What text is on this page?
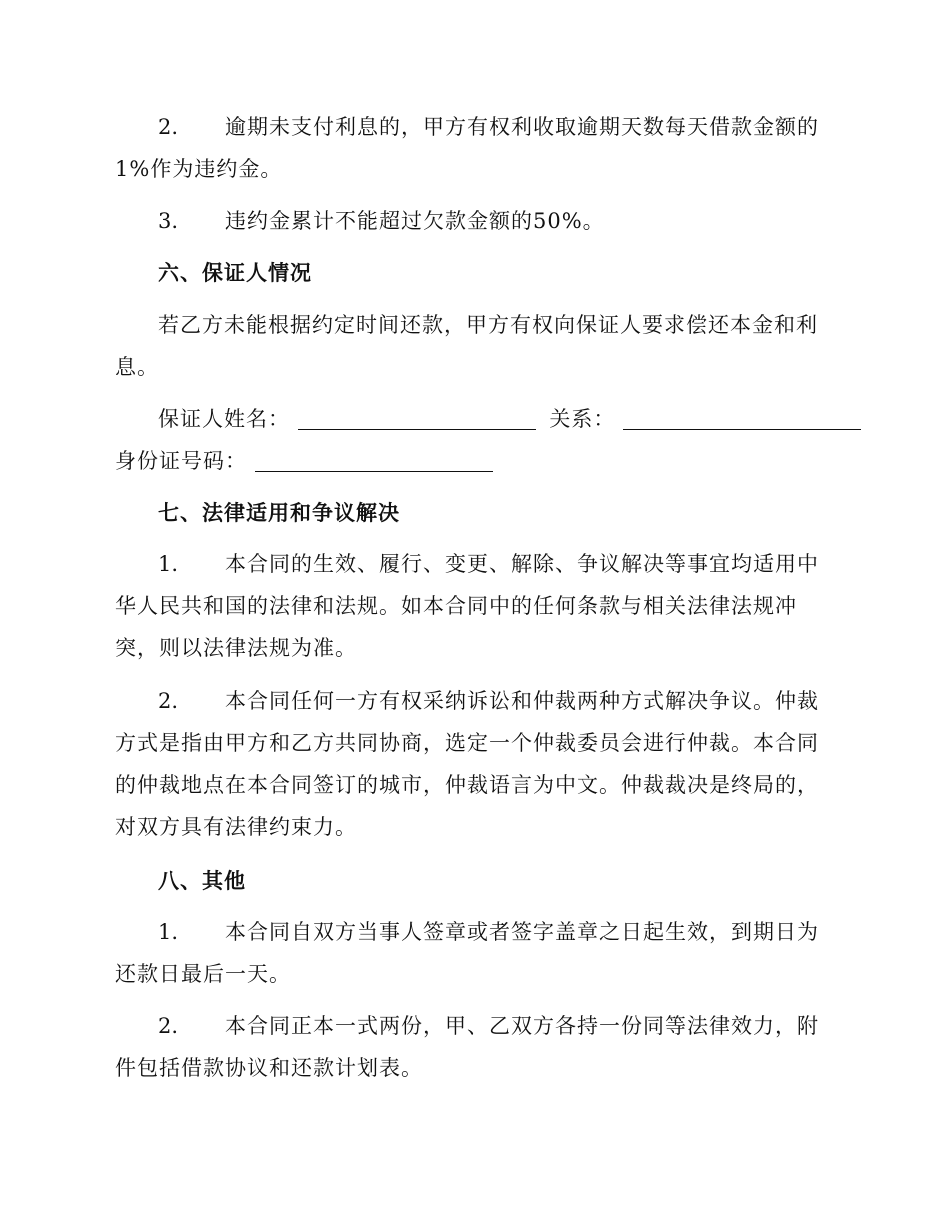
2. 逾期未支付利息的，甲方有权利收取逾期天数每天借款金额的1%作为违约金。

3. 违约金累计不能超过欠款金额的50%。

六、保证人情况

若乙方未能根据约定时间还款，甲方有权向保证人要求偿还本金和利息。

保证人姓名：	关系：
身份证号码：

七、法律适用和争议解决

1. 本合同的生效、履行、变更、解除、争议解决等事宜均适用中华人民共和国的法律和法规。如本合同中的任何条款与相关法律法规冲突，则以法律法规为准。

2. 本合同任何一方有权采纳诉讼和仲裁两种方式解决争议。仲裁方式是指由甲方和乙方共同协商，选定一个仲裁委员会进行仲裁。本合同的仲裁地点在本合同签订的城市，仲裁语言为中文。仲裁裁决是终局的，对双方具有法律约束力。

八、其他

1. 本合同自双方当事人签章或者签字盖章之日起生效，到期日为还款日最后一天。

2. 本合同正本一式两份，甲、乙双方各持一份同等法律效力，附件包括借款协议和还款计划表。
